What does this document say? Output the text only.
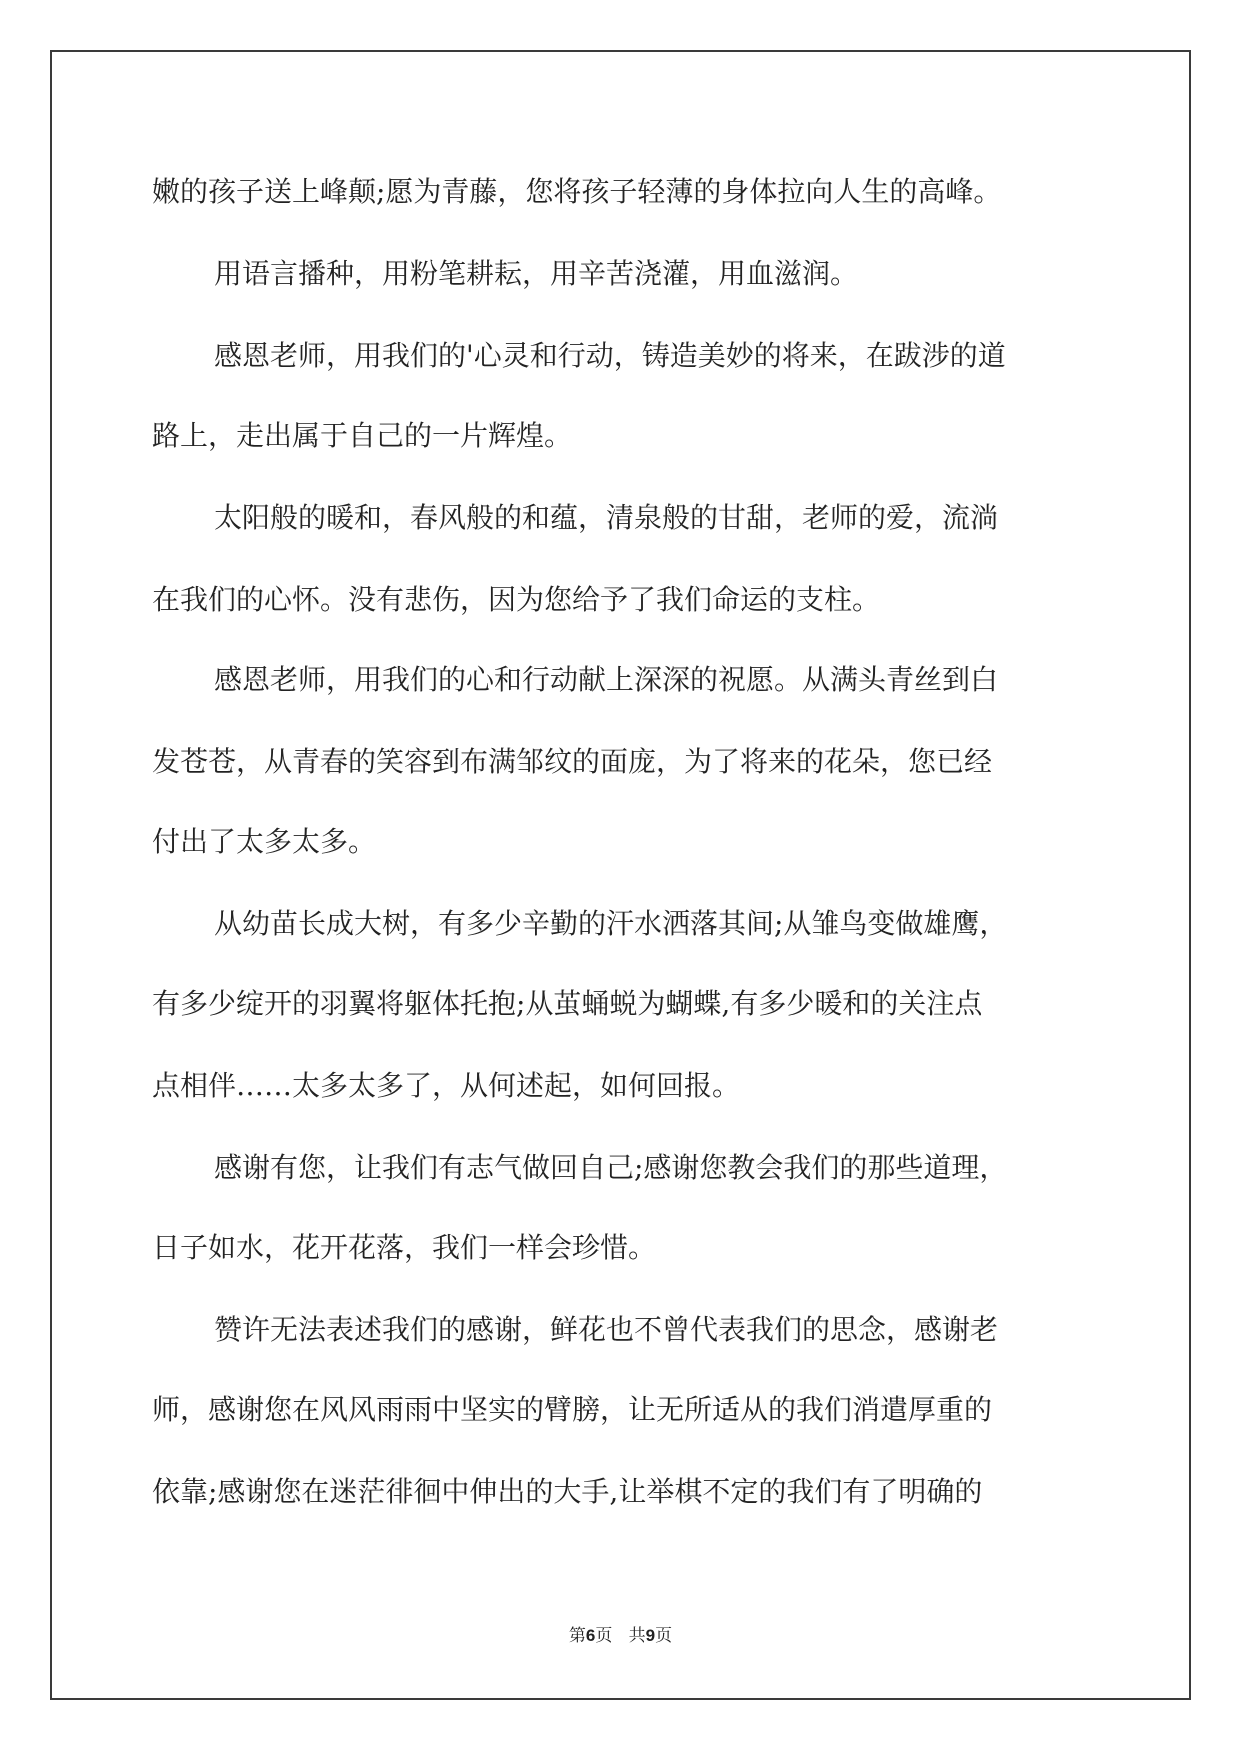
嫩的孩子送上峰颠;愿为青藤，您将孩子轻薄的身体拉向人生的高峰。
用语言播种，用粉笔耕耘，用辛苦浇灌，用血滋润。
感恩老师，用我们的'心灵和行动，铸造美妙的将来，在跋涉的道
路上，走出属于自己的一片辉煌。
太阳般的暖和，春风般的和蕴，清泉般的甘甜，老师的爱，流淌
在我们的心怀。没有悲伤，因为您给予了我们命运的支柱。
感恩老师，用我们的心和行动献上深深的祝愿。从满头青丝到白
发苍苍，从青春的笑容到布满邹纹的面庞，为了将来的花朵，您已经
付出了太多太多。
从幼苗长成大树，有多少辛勤的汗水洒落其间;从雏鸟变做雄鹰，
有多少绽开的羽翼将躯体托抱;从茧蛹蜕为蝴蝶,有多少暖和的关注点
点相伴……太多太多了，从何述起，如何回报。
感谢有您，让我们有志气做回自己;感谢您教会我们的那些道理，
日子如水，花开花落，我们一样会珍惜。
赞许无法表述我们的感谢，鲜花也不曾代表我们的思念，感谢老
师，感谢您在风风雨雨中坚实的臂膀，让无所适从的我们消遣厚重的
依靠;感谢您在迷茫徘徊中伸出的大手,让举棋不定的我们有了明确的
第6页   共9页
